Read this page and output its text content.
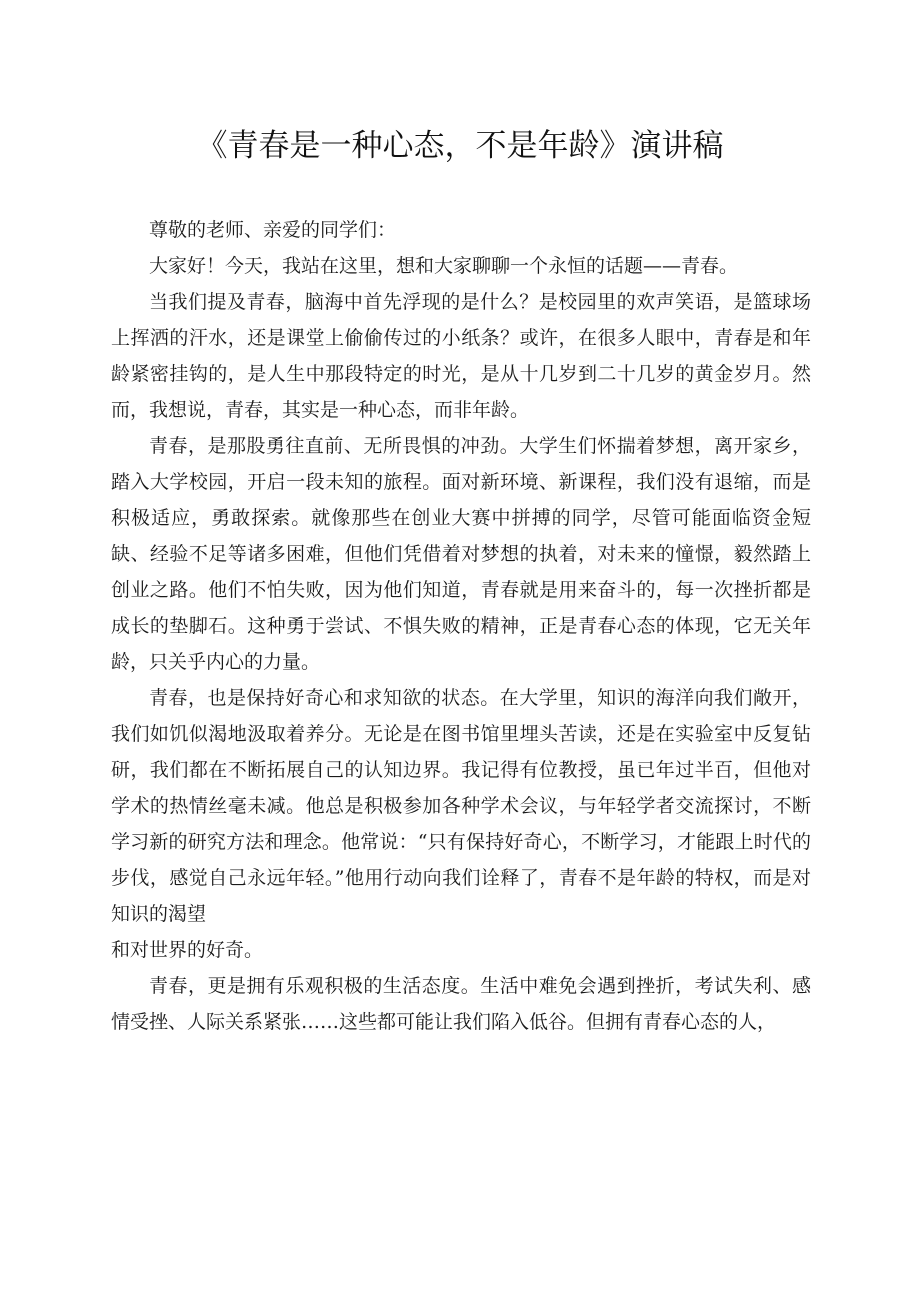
《青春是一种心态，不是年龄》演讲稿

尊敬的老师、亲爱的同学们：

大家好！今天，我站在这里，想和大家聊聊一个永恒的话题——青春。

当我们提及青春，脑海中首先浮现的是什么？是校园里的欢声笑语，是篮球场上挥洒的汗水，还是课堂上偷偷传过的小纸条？或许，在很多人眼中，青春是和年龄紧密挂钩的，是人生中那段特定的时光，是从十几岁到二十几岁的黄金岁月。然而，我想说，青春，其实是一种心态，而非年龄。

青春，是那股勇往直前、无所畏惧的冲劲。大学生们怀揣着梦想，离开家乡，踏入大学校园，开启一段未知的旅程。面对新环境、新课程，我们没有退缩，而是积极适应，勇敢探索。就像那些在创业大赛中拼搏的同学，尽管可能面临资金短缺、经验不足等诸多困难，但他们凭借着对梦想的执着，对未来的憧憬，毅然踏上创业之路。他们不怕失败，因为他们知道，青春就是用来奋斗的，每一次挫折都是成长的垫脚石。这种勇于尝试、不惧失败的精神，正是青春心态的体现，它无关年龄，只关乎内心的力量。

青春，也是保持好奇心和求知欲的状态。在大学里，知识的海洋向我们敞开，我们如饥似渴地汲取着养分。无论是在图书馆里埋头苦读，还是在实验室中反复钻研，我们都在不断拓展自己的认知边界。我记得有位教授，虽已年过半百，但他对学术的热情丝毫未减。他总是积极参加各种学术会议，与年轻学者交流探讨，不断学习新的研究方法和理念。他常说：“只有保持好奇心，不断学习，才能跟上时代的步伐，感觉自己永远年轻。”他用行动向我们诠释了，青春不是年龄的特权，而是对知识的渴望

和对世界的好奇。

青春，更是拥有乐观积极的生活态度。生活中难免会遇到挫折，考试失利、感情受挫、人际关系紧张……这些都可能让我们陷入低谷。但拥有青春心态的人，
